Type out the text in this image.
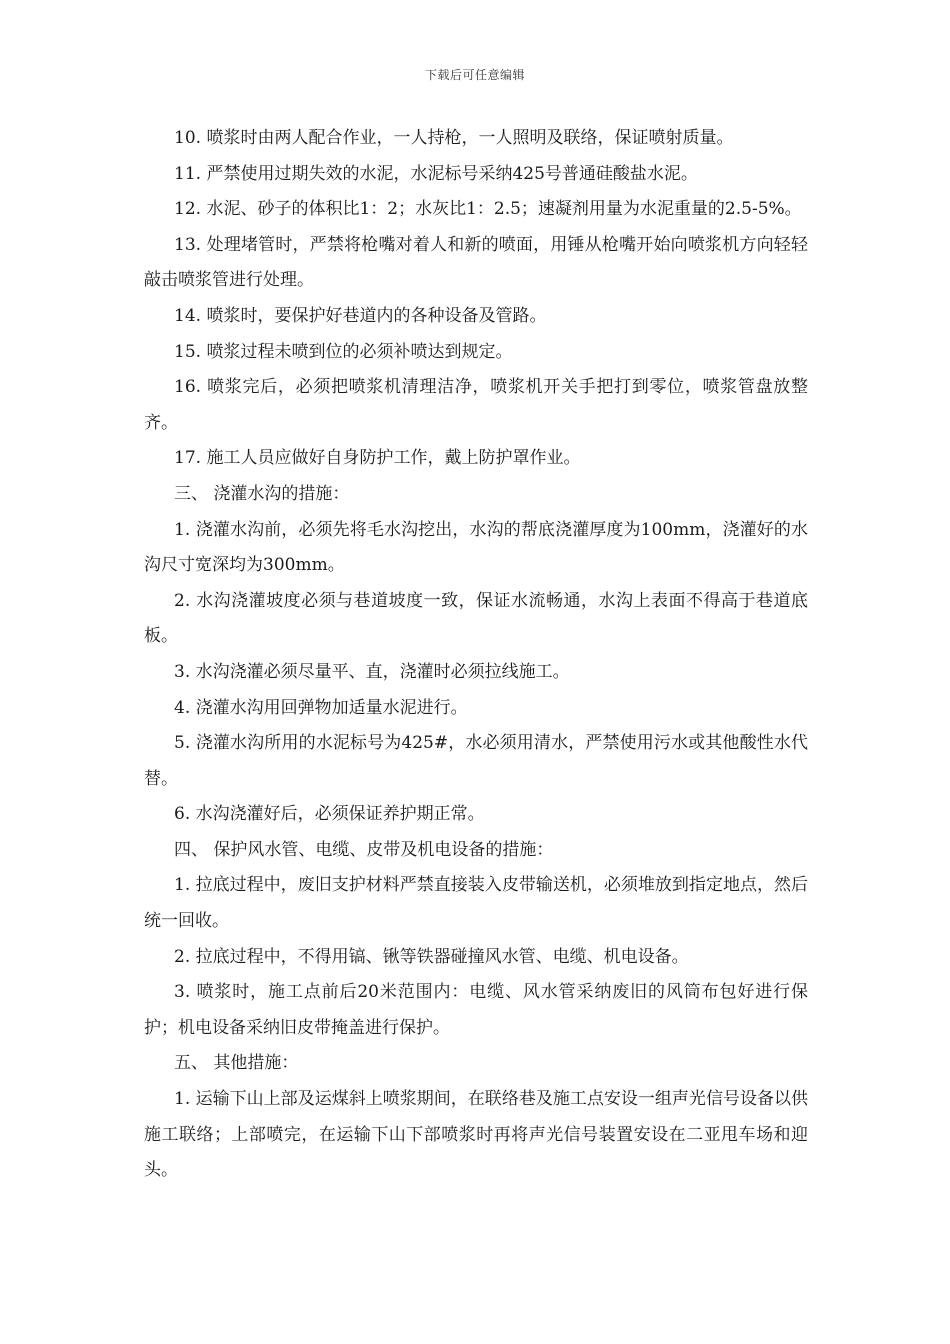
下载后可任意编辑

10. 喷浆时由两人配合作业，一人持枪，一人照明及联络，保证喷射质量。

11. 严禁使用过期失效的水泥，水泥标号采纳425号普通硅酸盐水泥。

12. 水泥、砂子的体积比1：2；水灰比1：2.5；速凝剂用量为水泥重量的2.5-5%。

13. 处理堵管时，严禁将枪嘴对着人和新的喷面，用锤从枪嘴开始向喷浆机方向轻轻敲击喷浆管进行处理。

14. 喷浆时，要保护好巷道内的各种设备及管路。

15. 喷浆过程未喷到位的必须补喷达到规定。

16. 喷浆完后，必须把喷浆机清理洁净，喷浆机开关手把打到零位，喷浆管盘放整齐。

17. 施工人员应做好自身防护工作，戴上防护罩作业。

三、 浇灌水沟的措施：

1. 浇灌水沟前，必须先将毛水沟挖出，水沟的帮底浇灌厚度为100mm，浇灌好的水沟尺寸宽深均为300mm。

2. 水沟浇灌坡度必须与巷道坡度一致，保证水流畅通，水沟上表面不得高于巷道底板。

3. 水沟浇灌必须尽量平、直，浇灌时必须拉线施工。

4. 浇灌水沟用回弹物加适量水泥进行。

5. 浇灌水沟所用的水泥标号为425#，水必须用清水，严禁使用污水或其他酸性水代替。

6. 水沟浇灌好后，必须保证养护期正常。

四、 保护风水管、电缆、皮带及机电设备的措施：

1. 拉底过程中，废旧支护材料严禁直接装入皮带输送机，必须堆放到指定地点，然后统一回收。

2. 拉底过程中，不得用镐、锹等铁器碰撞风水管、电缆、机电设备。

3. 喷浆时，施工点前后20米范围内：电缆、风水管采纳废旧的风筒布包好进行保护；机电设备采纳旧皮带掩盖进行保护。

五、 其他措施：

1. 运输下山上部及运煤斜上喷浆期间，在联络巷及施工点安设一组声光信号设备以供施工联络；上部喷完，在运输下山下部喷浆时再将声光信号装置安设在二亚甩车场和迎头。
